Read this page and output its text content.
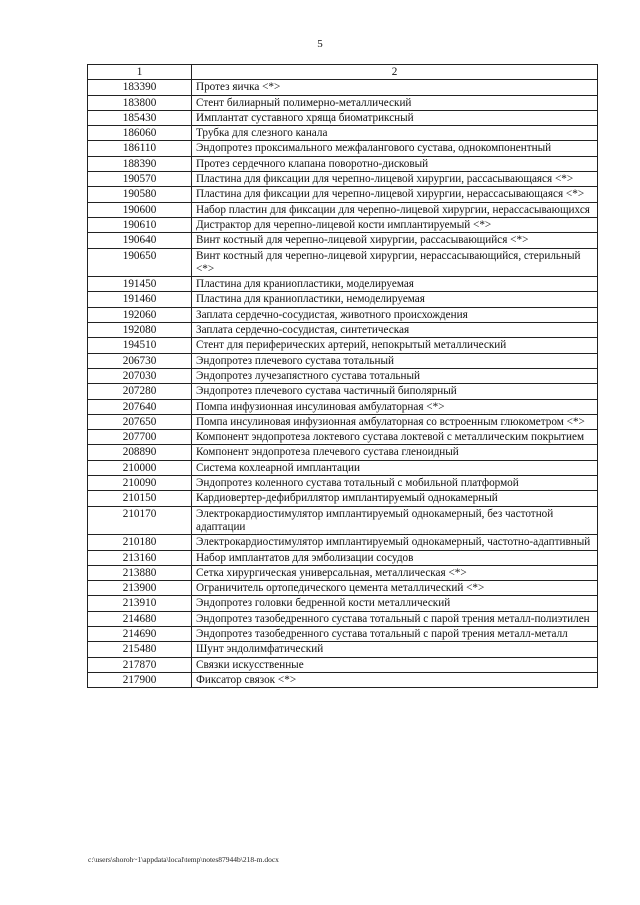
5
1	2
183390	Протез яичка <*>
183800	Стент билиарный полимерно-металлический
185430	Имплантат суставного хряща биоматриксный
186060	Трубка для слезного канала
186110	Эндопротез проксимального межфалангового сустава, однокомпонентный
188390	Протез сердечного клапана поворотно-дисковый
190570	Пластина для фиксации для черепно-лицевой хирургии, рассасывающаяся <*>
190580	Пластина для фиксации для черепно-лицевой хирургии, нерассасывающаяся <*>
190600	Набор пластин для фиксации для черепно-лицевой хирургии, нерассасывающихся
190610	Дистрактор для черепно-лицевой кости имплантируемый <*>
190640	Винт костный для черепно-лицевой хирургии, рассасывающийся <*>
190650	Винт костный для черепно-лицевой хирургии, нерассасывающийся, стерильный <*>
191450	Пластина для краниопластики, моделируемая
191460	Пластина для краниопластики, немоделируемая
192060	Заплата сердечно-сосудистая, животного происхождения
192080	Заплата сердечно-сосудистая, синтетическая
194510	Стент для периферических артерий, непокрытый металлический
206730	Эндопротез плечевого сустава тотальный
207030	Эндопротез лучезапястного сустава тотальный
207280	Эндопротез плечевого сустава частичный биполярный
207640	Помпа инфузионная инсулиновая амбулаторная <*>
207650	Помпа инсулиновая инфузионная амбулаторная со встроенным глюкометром <*>
207700	Компонент эндопротеза локтевого сустава локтевой с металлическим покрытием
208890	Компонент эндопротеза плечевого сустава гленоидный
210000	Система кохлеарной имплантации
210090	Эндопротез коленного сустава тотальный с мобильной платформой
210150	Кардиовертер-дефибриллятор имплантируемый однокамерный
210170	Электрокардиостимулятор имплантируемый однокамерный, без частотной адаптации
210180	Электрокардиостимулятор имплантируемый однокамерный, частотно-адаптивный
213160	Набор имплантатов для эмболизации сосудов
213880	Сетка хирургическая универсальная, металлическая <*>
213900	Ограничитель ортопедического цемента металлический <*>
213910	Эндопротез головки бедренной кости металлический
214680	Эндопротез тазобедренного сустава тотальный с парой трения металл-полиэтилен
214690	Эндопротез тазобедренного сустава тотальный с парой трения металл-металл
215480	Шунт эндолимфатический
217870	Связки искусственные
217900	Фиксатор связок <*>
c:\users\shoroh~1\appdata\local\temp\notes87944b\218-m.docx
